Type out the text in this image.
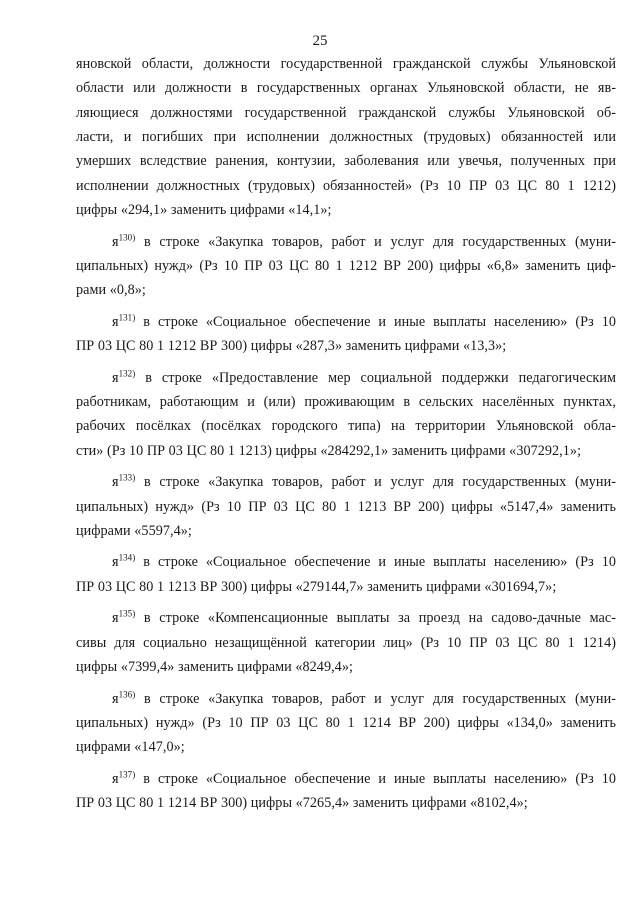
25
яновской области, должности государственной гражданской службы Ульяновской
области или должности в государственных органах Ульяновской области, не яв-
ляющиеся должностями государственной гражданской службы Ульяновской об-
ласти, и погибших при исполнении должностных (трудовых) обязанностей или
умерших вследствие ранения, контузии, заболевания или увечья, полученных при
исполнении должностных (трудовых) обязанностей» (Рз 10 ПР 03 ЦС 80 1 1212)
цифры «294,1» заменить цифрами «14,1»;
$я^{130)}$ в строке «Закупка товаров, работ и услуг для государственных (муни-
ципальных) нужд» (Рз 10 ПР 03 ЦС 80 1 1212 ВР 200) цифры «6,8» заменить циф-
рами «0,8»;
$я^{131)}$ в строке «Социальное обеспечение и иные выплаты населению» (Рз 10
ПР 03 ЦС 80 1 1212 ВР 300) цифры «287,3» заменить цифрами «13,3»;
$я^{132)}$ в строке «Предоставление мер социальной поддержки педагогическим
работникам, работающим и (или) проживающим в сельских населённых пунктах,
рабочих посёлках (посёлках городского типа) на территории Ульяновской обла-
сти» (Рз 10 ПР 03 ЦС 80 1 1213) цифры «284292,1» заменить цифрами «307292,1»;
$я^{133)}$ в строке «Закупка товаров, работ и услуг для государственных (муни-
ципальных) нужд» (Рз 10 ПР 03 ЦС 80 1 1213 ВР 200) цифры «5147,4» заменить
цифрами «5597,4»;
$я^{134)}$ в строке «Социальное обеспечение и иные выплаты населению» (Рз 10
ПР 03 ЦС 80 1 1213 ВР 300) цифры «279144,7» заменить цифрами «301694,7»;
$я^{135)}$ в строке «Компенсационные выплаты за проезд на садово-дачные мас-
сивы для социально незащищённой категории лиц» (Рз 10 ПР 03 ЦС 80 1 1214)
цифры «7399,4» заменить цифрами «8249,4»;
$я^{136)}$ в строке «Закупка товаров, работ и услуг для государственных (муни-
ципальных) нужд» (Рз 10 ПР 03 ЦС 80 1 1214 ВР 200) цифры «134,0» заменить
цифрами «147,0»;
$я^{137)}$ в строке «Социальное обеспечение и иные выплаты населению» (Рз 10
ПР 03 ЦС 80 1 1214 ВР 300) цифры «7265,4» заменить цифрами «8102,4»;
